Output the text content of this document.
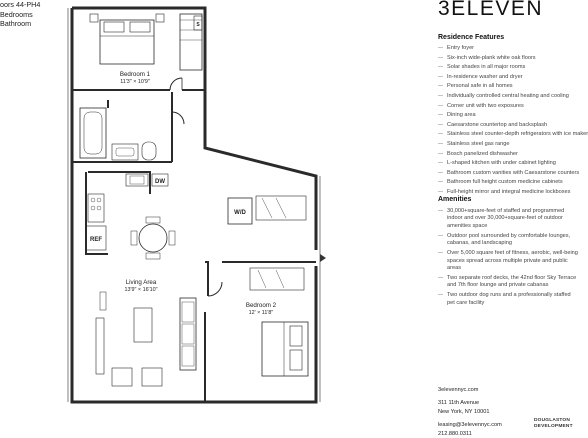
oors 44-PH4
Bedrooms
Bathroom
Bedroom 1
11'3" × 10'9"
Living Area
13'9" × 16'10"
Bedroom 2
12' × 11'8"
DW
W/D
REF
S
3ELEVEN
Residence Features
— Entry foyer
— Six-inch wide-plank white oak floors
— Solar shades in all major rooms
— In-residence washer and dryer
— Personal safe in all homes
— Individually controlled central heating and cooling
— Corner unit with two exposures
— Dining area
— Caesarstone countertop and backsplash
— Stainless steel counter-depth refrigerators with ice maker
— Stainless steel gas range
— Bosch panelized dishwasher
— L-shaped kitchen with under cabinet lighting
— Bathroom custom vanities with Caesarstone counters
— Bathroom full height custom medicine cabinets
— Full-height mirror and integral medicine lockboxes
Amenities
— 30,000+square-feet of staffed and programmed indoor and over 30,000+square-feet of outdoor amenities space
— Outdoor pool surrounded by comfortable lounges, cabanas, and landscaping
— Over 5,000 square feet of fitness, aerobic, well-being spaces spread across multiple private and public areas
— Two separate roof decks, the 42nd floor Sky Terrace and 7th floor lounge and private cabanas
— Two outdoor dog runs and a professionally staffed pet care facility
3elevennyc.com
311 11th Avenue
New York, NY 10001
leasing@3elevennyc.com
212.880.0311
DOUGLASTON
DEVELOPMENT
